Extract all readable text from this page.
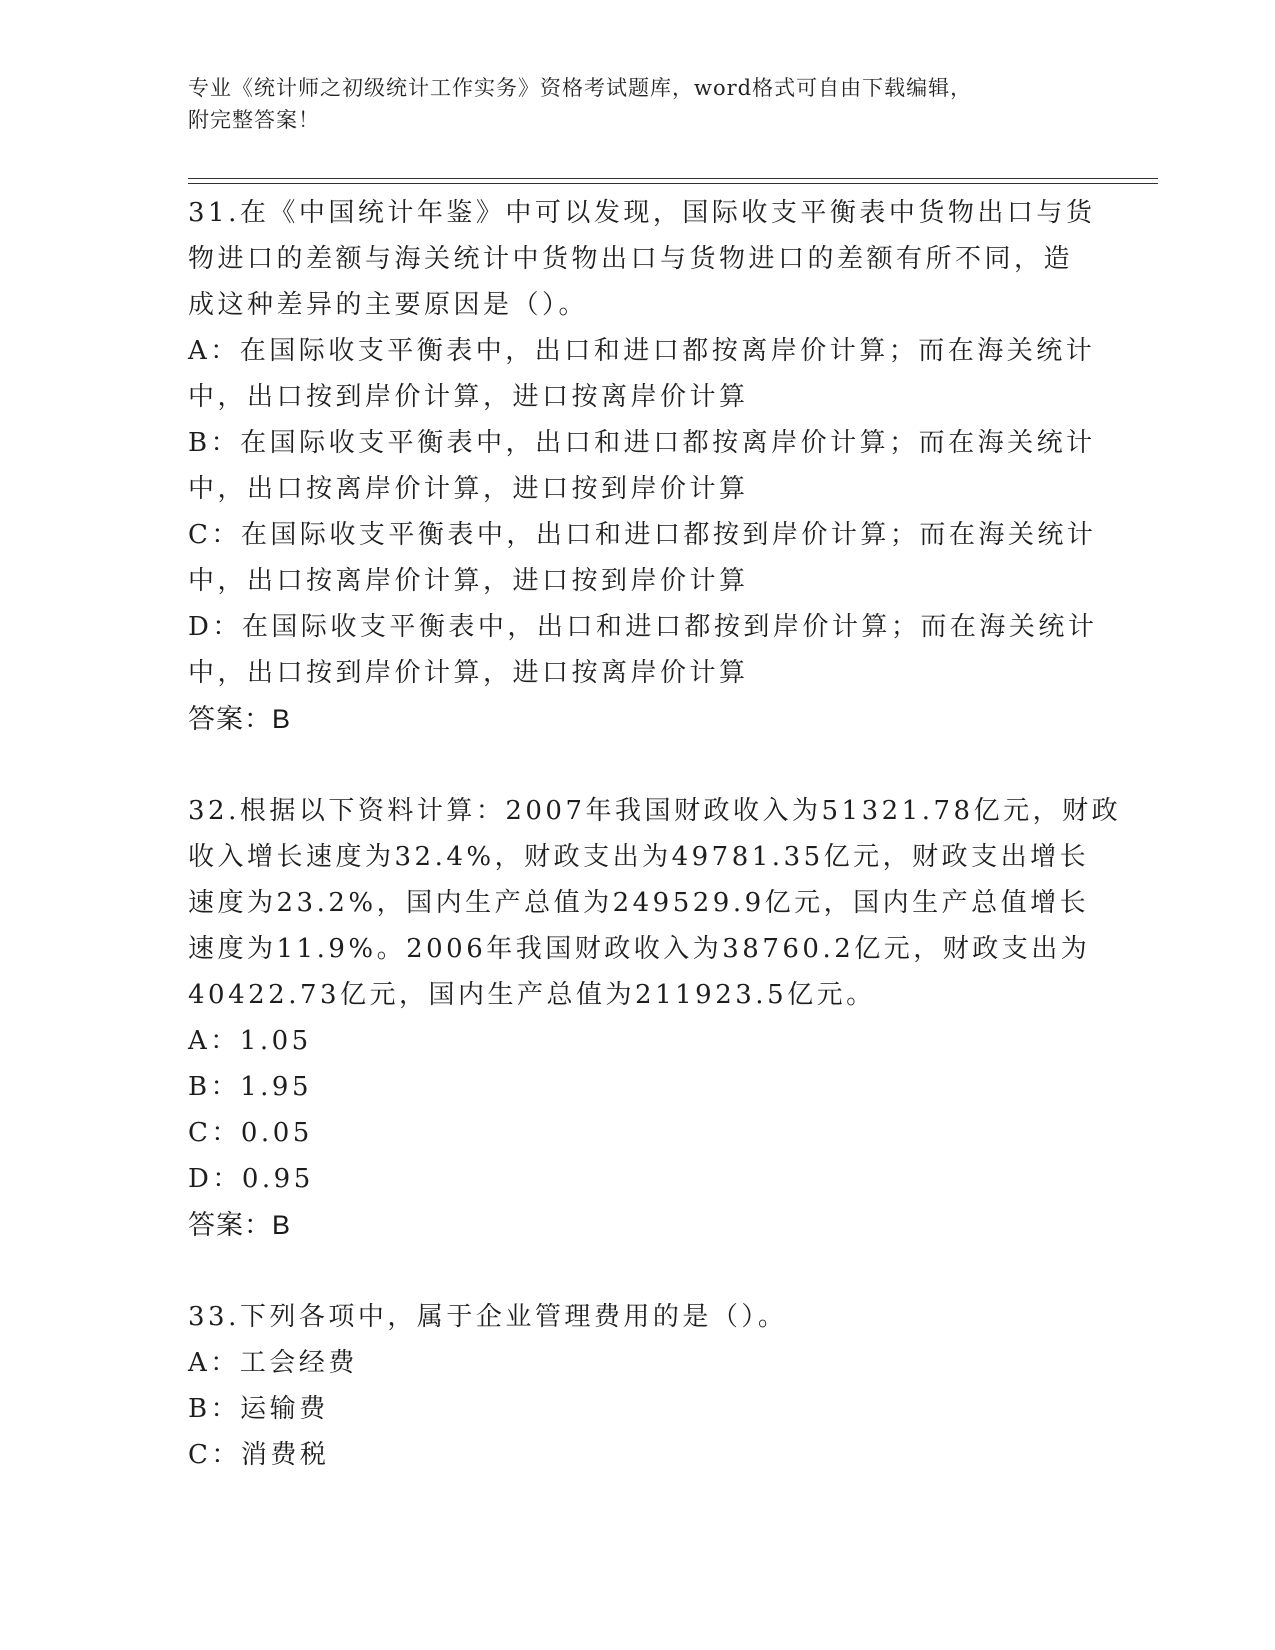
专业《统计师之初级统计工作实务》资格考试题库，word格式可自由下载编辑，
附完整答案！
31.在《中国统计年鉴》中可以发现，国际收支平衡表中货物出口与货
物进口的差额与海关统计中货物出口与货物进口的差额有所不同，造
成这种差异的主要原因是（）。
A：在国际收支平衡表中，出口和进口都按离岸价计算；而在海关统计
中，出口按到岸价计算，进口按离岸价计算
B：在国际收支平衡表中，出口和进口都按离岸价计算；而在海关统计
中，出口按离岸价计算，进口按到岸价计算
C：在国际收支平衡表中，出口和进口都按到岸价计算；而在海关统计
中，出口按离岸价计算，进口按到岸价计算
D：在国际收支平衡表中，出口和进口都按到岸价计算；而在海关统计
中，出口按到岸价计算，进口按离岸价计算
答案：B
32.根据以下资料计算：2007年我国财政收入为51321.78亿元，财政
收入增长速度为32.4%，财政支出为49781.35亿元，财政支出增长
速度为23.2%，国内生产总值为249529.9亿元，国内生产总值增长
速度为11.9%。2006年我国财政收入为38760.2亿元，财政支出为
40422.73亿元，国内生产总值为211923.5亿元。
A：1.05
B：1.95
C：0.05
D：0.95
答案：B
33.下列各项中，属于企业管理费用的是（）。
A：工会经费
B：运输费
C：消费税
